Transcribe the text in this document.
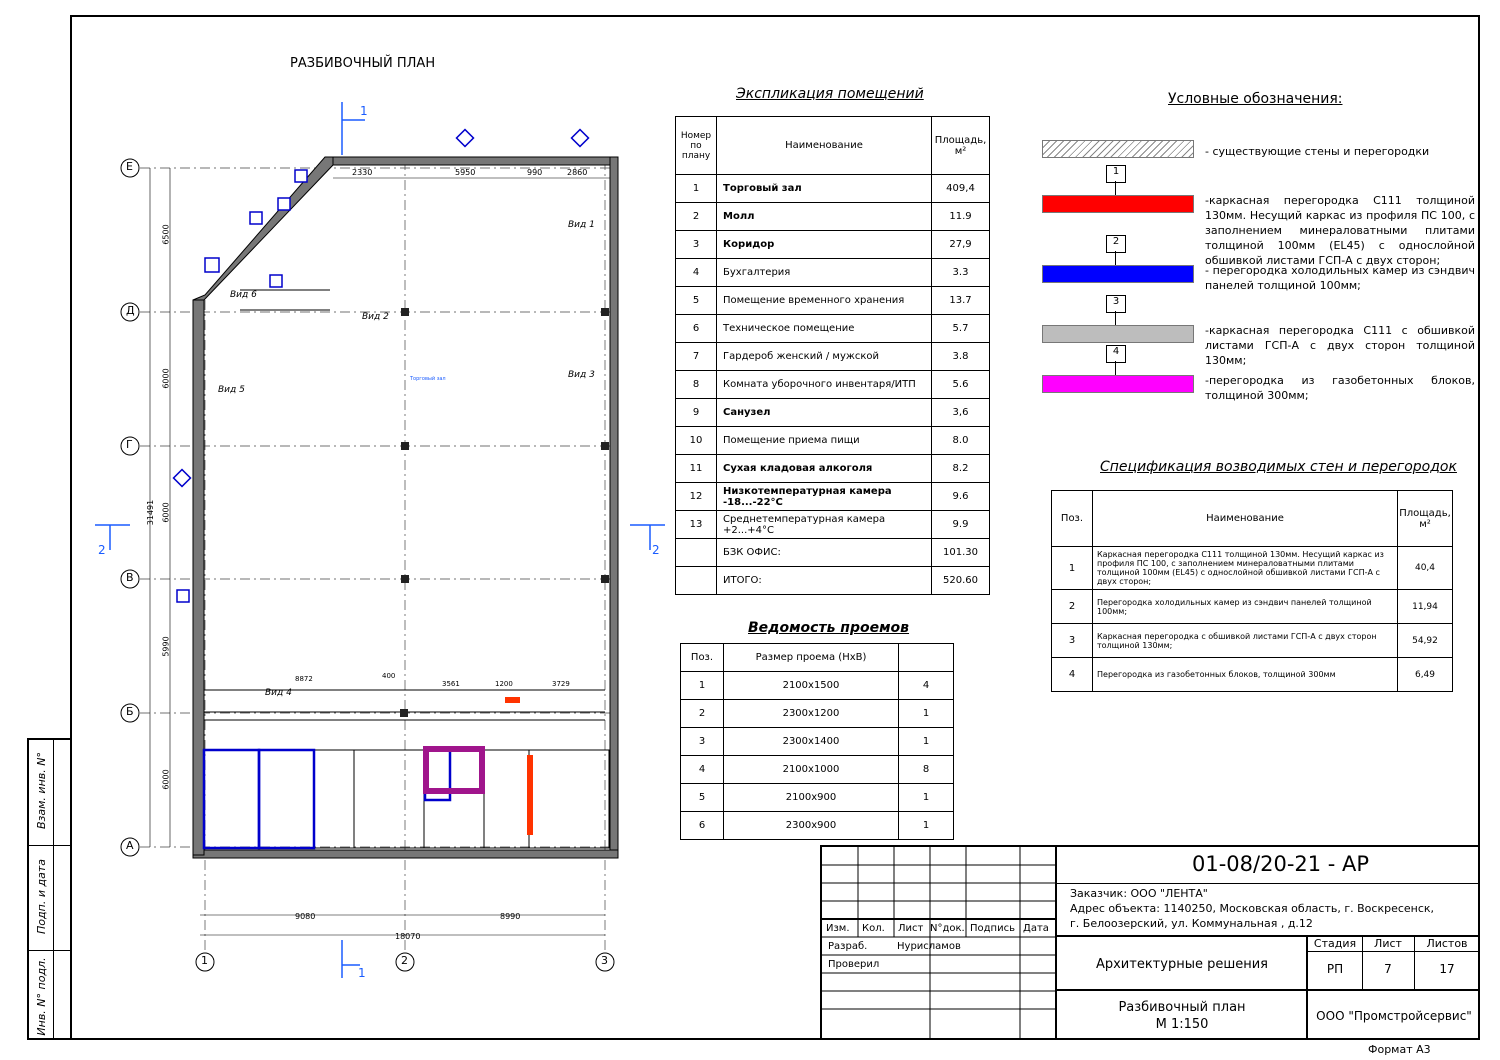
Взам. инв. N°
Подп. и дата
Инв. N° подл.
РАЗБИВОЧНЫЙ ПЛАН
Е
Д
Г
В
Б
А
1	2	3
1
1
2	2
Вид 1
Вид 2
Вид 3
Вид 4
Вид 5
Вид 6
Торговый зал
2330	5950	990	2860
6500
6000
6000
5990
6000
31491
9080	8990
18070
8872	400
3561	1200	3729
Экспликация помещений
Номер по плану	Наименование	Площадь, м²
1	Торговый зал	409,4
2	Молл	11.9
3	Коридор	27,9
4	Бухгалтерия	3.3
5	Помещение временного хранения	13.7
6	Техническое помещение	5.7
7	Гардероб женский / мужской	3.8
8	Комната уборочного инвентаря/ИТП	5.6
9	Санузел	3,6
10	Помещение приема пищи	8.0
11	Сухая кладовая алкоголя	8.2
12	Низкотемпературная камера -18...-22°С	9.6
13	Среднетемпературная камера +2...+4°С	9.9
	БЗК ОФИС:	101.30
	ИТОГО:	520.60
Ведомость проемов
Поз.	Размер проема (НхВ)	
1	2100х1500	4
2	2300х1200	1
3	2300х1400	1
4	2100х1000	8
5	2100х900	1
6	2300х900	1
Условные обозначения:
- существующие стены и перегородки
1
-каркасная перегородка С111 толщиной 130мм. Несущий каркас из профиля ПС 100, с заполнением минераловатными плитами толщиной 100мм (EL45) с однослойной обшивкой листами ГСП-А с двух сторон;
2
- перегородка холодильных камер из сэндвич панелей толщиной 100мм;
3
-каркасная перегородка С111 с обшивкой листами ГСП-А с двух сторон толщиной 130мм;
4
-перегородка из газобетонных блоков, толщиной 300мм;
Спецификация возводимых стен и перегородок
Поз.	Наименование	Площадь, м²
1	Каркасная перегородка С111 толщиной 130мм. Несущий каркас из профиля ПС 100, с заполнением минераловатными плитами толщиной 100мм (EL45) с однослойной обшивкой листами ГСП-А с двух сторон;	40,4
2	Перегородка холодильных камер из сэндвич панелей толщиной 100мм;	11,94
3	Каркасная перегородка с обшивкой листами ГСП-А с двух сторон толщиной 130мм;	54,92
4	Перегородка из газобетонных блоков, толщиной 300мм	6,49
Изм. Кол. Лист N°док. Подпись Дата
Разраб.	Нурисламов
Проверил
01-08/20-21 - АР
Заказчик: ООО "ЛЕНТА"
Адрес объекта: 1140250, Московская область, г. Воскресенск,
г. Белоозерский, ул. Коммунальная , д.12
Архитектурные решения
Разбивочный план
М 1:150
Стадия	Лист	Листов
РП	7	17
ООО "Промстройсервис"
Формат А3
